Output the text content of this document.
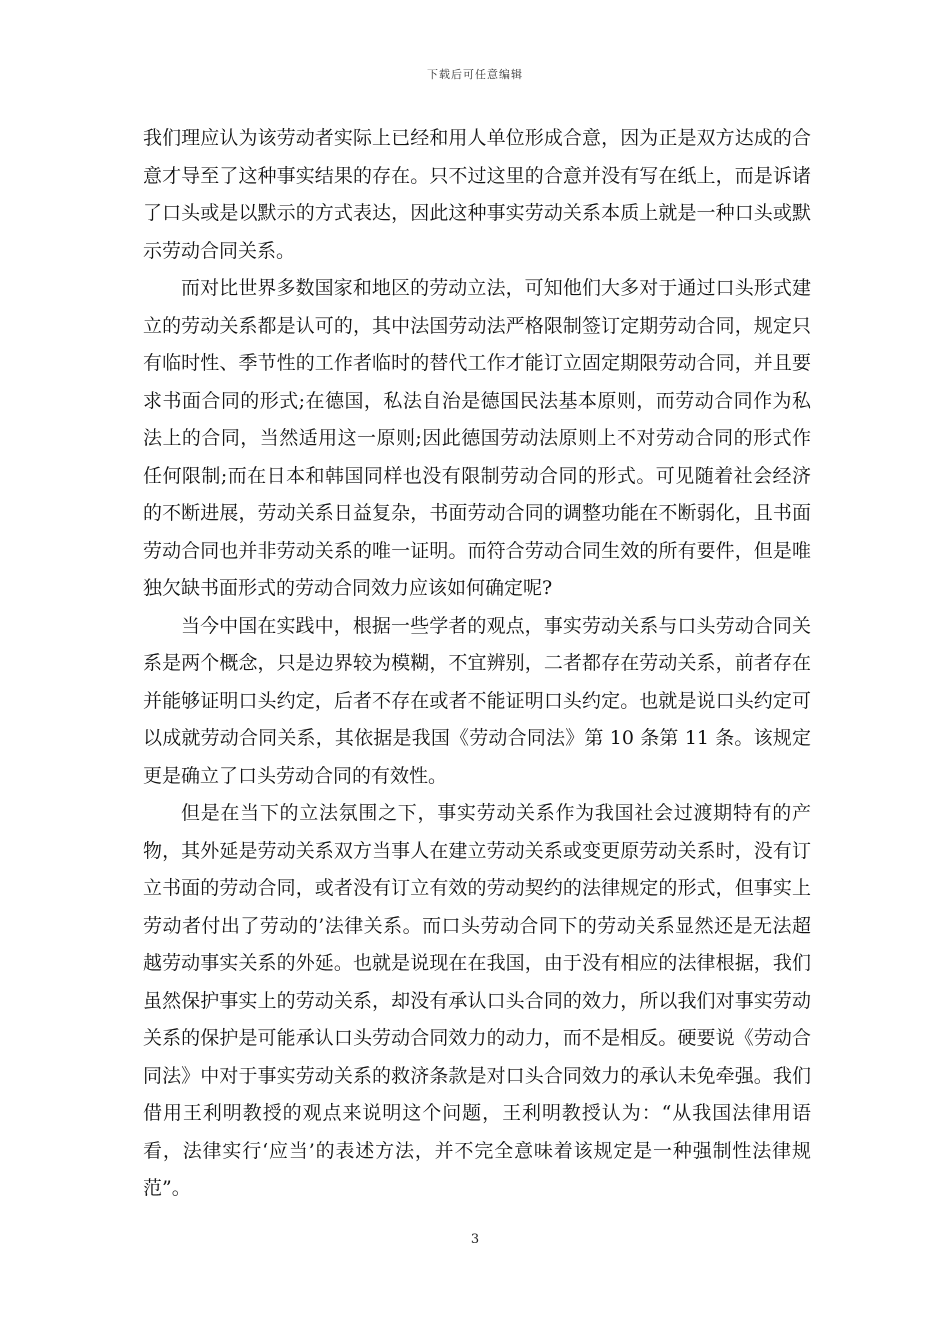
下载后可任意编辑

我们理应认为该劳动者实际上已经和用人单位形成合意，因为正是双方达成的合意才导至了这种事实结果的存在。只不过这里的合意并没有写在纸上，而是诉诸了口头或是以默示的方式表达，因此这种事实劳动关系本质上就是一种口头或默示劳动合同关系。

而对比世界多数国家和地区的劳动立法，可知他们大多对于通过口头形式建立的劳动关系都是认可的，其中法国劳动法严格限制签订定期劳动合同，规定只有临时性、季节性的工作者临时的替代工作才能订立固定期限劳动合同，并且要求书面合同的形式;在德国，私法自治是德国民法基本原则，而劳动合同作为私法上的合同，当然适用这一原则;因此德国劳动法原则上不对劳动合同的形式作任何限制;而在日本和韩国同样也没有限制劳动合同的形式。可见随着社会经济的不断进展，劳动关系日益复杂，书面劳动合同的调整功能在不断弱化，且书面劳动合同也并非劳动关系的唯一证明。而符合劳动合同生效的所有要件，但是唯独欠缺书面形式的劳动合同效力应该如何确定呢?

当今中国在实践中，根据一些学者的观点，事实劳动关系与口头劳动合同关系是两个概念，只是边界较为模糊，不宜辨别，二者都存在劳动关系，前者存在并能够证明口头约定，后者不存在或者不能证明口头约定。也就是说口头约定可以成就劳动合同关系，其依据是我国《劳动合同法》第 10 条第 11 条。该规定更是确立了口头劳动合同的有效性。

但是在当下的立法氛围之下，事实劳动关系作为我国社会过渡期特有的产物，其外延是劳动关系双方当事人在建立劳动关系或变更原劳动关系时，没有订立书面的劳动合同，或者没有订立有效的劳动契约的法律规定的形式，但事实上劳动者付出了劳动的’法律关系。而口头劳动合同下的劳动关系显然还是无法超越劳动事实关系的外延。也就是说现在在我国，由于没有相应的法律根据，我们虽然保护事实上的劳动关系，却没有承认口头合同的效力，所以我们对事实劳动关系的保护是可能承认口头劳动合同效力的动力，而不是相反。硬要说《劳动合同法》中对于事实劳动关系的救济条款是对口头合同效力的承认未免牵强。我们借用王利明教授的观点来说明这个问题，王利明教授认为：“从我国法律用语看，法律实行‘应当’的表述方法，并不完全意味着该规定是一种强制性法律规范”。

3
